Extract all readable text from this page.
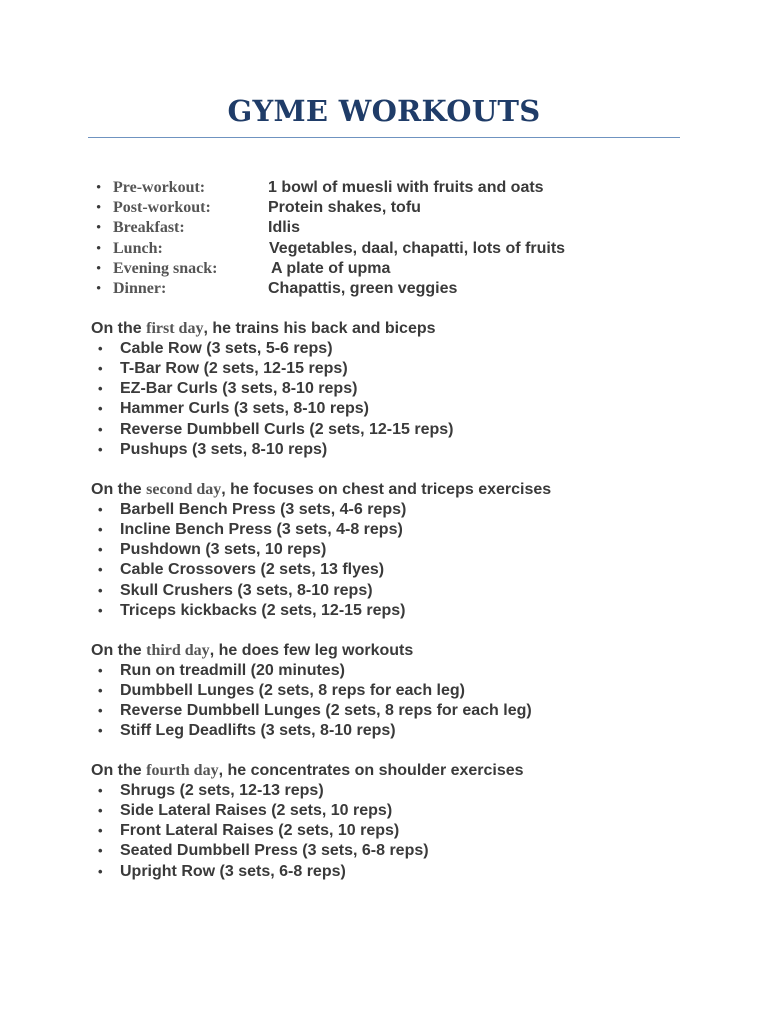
GYME WORKOUTS
• Pre-workout:	1 bowl of muesli with fruits and oats
• Post-workout:	Protein shakes, tofu
• Breakfast:	Idlis
• Lunch:	Vegetables, daal, chapatti, lots of fruits
• Evening snack:	A plate of upma
• Dinner:	Chapattis, green veggies
On the first day, he trains his back and biceps
• Cable Row (3 sets, 5-6 reps)
• T-Bar Row (2 sets, 12-15 reps)
• EZ-Bar Curls (3 sets, 8-10 reps)
• Hammer Curls (3 sets, 8-10 reps)
• Reverse Dumbbell Curls (2 sets, 12-15 reps)
• Pushups (3 sets, 8-10 reps)
On the second day, he focuses on chest and triceps exercises
• Barbell Bench Press (3 sets, 4-6 reps)
• Incline Bench Press (3 sets, 4-8 reps)
• Pushdown (3 sets, 10 reps)
• Cable Crossovers (2 sets, 13 flyes)
• Skull Crushers (3 sets, 8-10 reps)
• Triceps kickbacks (2 sets, 12-15 reps)
On the third day, he does few leg workouts
• Run on treadmill (20 minutes)
• Dumbbell Lunges (2 sets, 8 reps for each leg)
• Reverse Dumbbell Lunges (2 sets, 8 reps for each leg)
• Stiff Leg Deadlifts (3 sets, 8-10 reps)
On the fourth day, he concentrates on shoulder exercises
• Shrugs (2 sets, 12-13 reps)
• Side Lateral Raises (2 sets, 10 reps)
• Front Lateral Raises (2 sets, 10 reps)
• Seated Dumbbell Press (3 sets, 6-8 reps)
• Upright Row (3 sets, 6-8 reps)
